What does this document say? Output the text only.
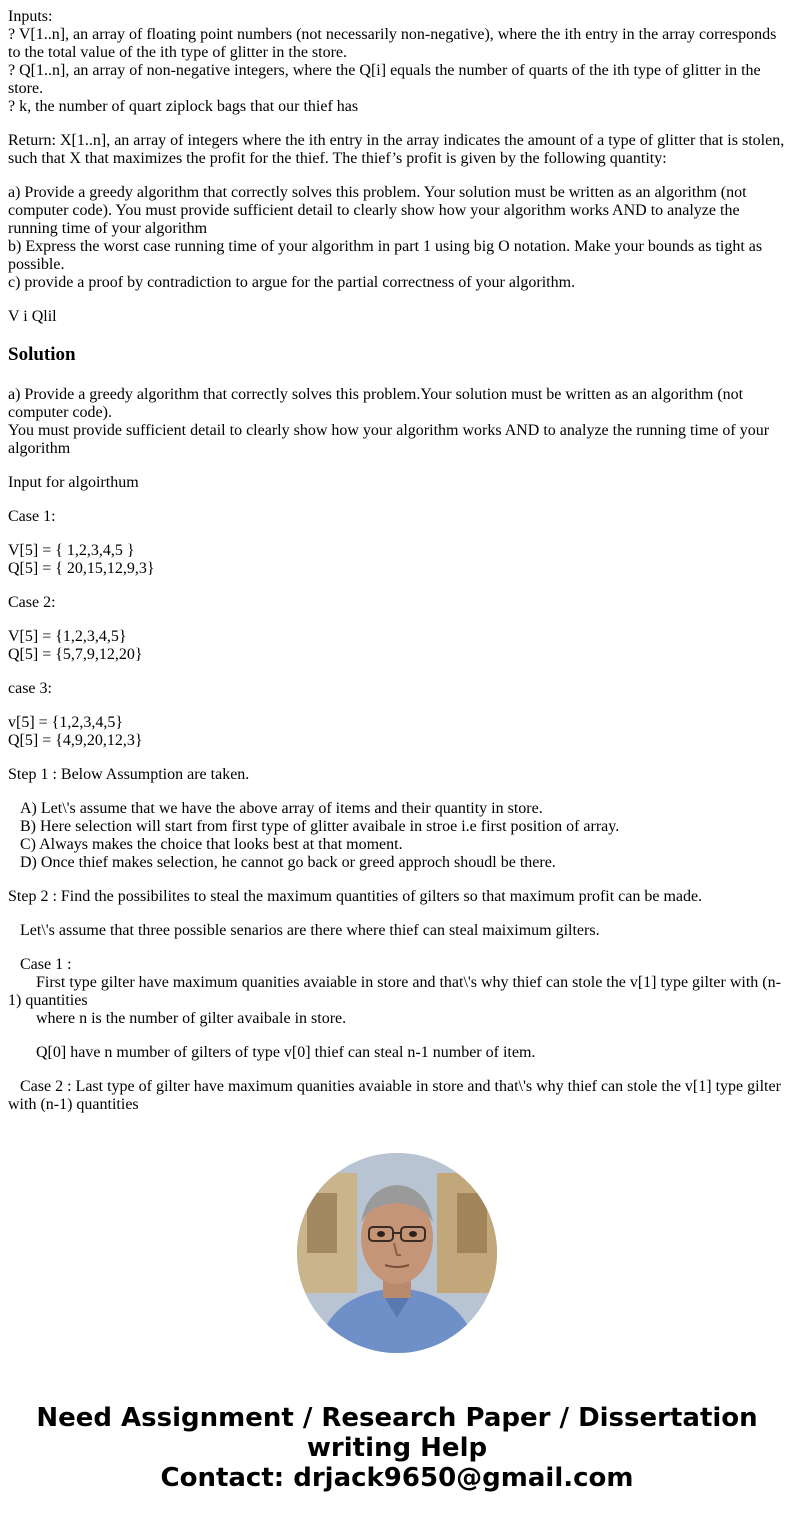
Inputs:
? V[1..n], an array of floating point numbers (not necessarily non-negative), where the ith entry in the array corresponds to the total value of the ith type of glitter in the store.
? Q[1..n], an array of non-negative integers, where the Q[i] equals the number of quarts of the ith type of glitter in the store.
? k, the number of quart ziplock bags that our thief has
Return: X[1..n], an array of integers where the ith entry in the array indicates the amount of a type of glitter that is stolen, such that X that maximizes the profit for the thief. The thief’s profit is given by the following quantity:
a) Provide a greedy algorithm that correctly solves this problem. Your solution must be written as an algorithm (not computer code). You must provide sufficient detail to clearly show how your algorithm works AND to analyze the running time of your algorithm
b) Express the worst case running time of your algorithm in part 1 using big O notation. Make your bounds as tight as possible.
c) provide a proof by contradiction to argue for the partial correctness of your algorithm.
V i Qlil
Solution
a) Provide a greedy algorithm that correctly solves this problem.Your solution must be written as an algorithm (not computer code).
You must provide sufficient detail to clearly show how your algorithm works AND to analyze the running time of your algorithm
Input for algoirthum
Case 1:
V[5] = { 1,2,3,4,5 }
Q[5] = { 20,15,12,9,3}
Case 2:
V[5] = {1,2,3,4,5}
Q[5] = {5,7,9,12,20}
case 3:
v[5] = {1,2,3,4,5}
Q[5] = {4,9,20,12,3}
Step 1 : Below Assumption are taken.
A) Let\'s assume that we have the above array of items and their quantity in store.
B) Here selection will start from first type of glitter avaibale in stroe i.e first position of array.
C) Always makes the choice that looks best at that moment.
D) Once thief makes selection, he cannot go back or greed approch shoudl be there.
Step 2 : Find the possibilites to steal the maximum quantities of gilters so that maximum profit can be made.
Let\'s assume that three possible senarios are there where thief can steal maiximum gilters.
Case 1 :
First type gilter have maximum quanities avaiable in store and that\'s why thief can stole the v[1] type gilter with (n-1) quantities
where n is the number of gilter avaibale in store.
Q[0] have n mumber of gilters of type v[0] thief can steal n-1 number of item.
Case 2 : Last type of gilter have maximum quanities avaiable in store and that\'s why thief can stole the v[1] type gilter with (n-1) quantities
Need Assignment / Research Paper / Dissertation writing Help
Contact: drjack9650@gmail.com
